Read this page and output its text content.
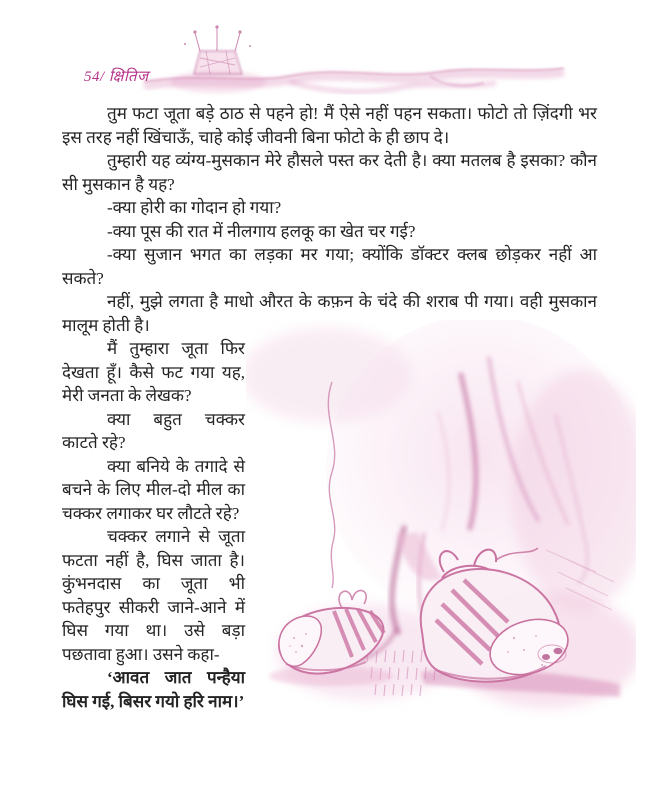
54/ क्षितिज

तुम फटा जूता बड़े ठाठ से पहने हो! मैं ऐसे नहीं पहन सकता। फोटो तो ज़िंदगी भर इस तरह नहीं खिंचाऊँ, चाहे कोई जीवनी बिना फोटो के ही छाप दे।

तुम्हारी यह व्यंग्य-मुसकान मेरे हौसले पस्त कर देती है। क्या मतलब है इसका? कौन सी मुसकान है यह?

-क्या होरी का गोदान हो गया?

-क्या पूस की रात में नीलगाय हलकू का खेत चर गई?

-क्या सुजान भगत का लड़का मर गया; क्योंकि डॉक्टर क्लब छोड़कर नहीं आ सकते?

नहीं, मुझे लगता है माधो औरत के कफ़न के चंदे की शराब पी गया। वही मुसकान मालूम होती है।

मैं तुम्हारा जूता फिर देखता हूँ। कैसे फट गया यह, मेरी जनता के लेखक?

क्या बहुत चक्कर काटते रहे?

क्या बनिये के तगादे से बचने के लिए मील-दो मील का चक्कर लगाकर घर लौटते रहे?

चक्कर लगाने से जूता फटता नहीं है, घिस जाता है। कुंभनदास का जूता भी फतेहपुर सीकरी जाने-आने में घिस गया था। उसे बड़ा पछतावा हुआ। उसने कहा-

‘आवत जात पन्हैया घिस गई, बिसर गयो हरि नाम।’
